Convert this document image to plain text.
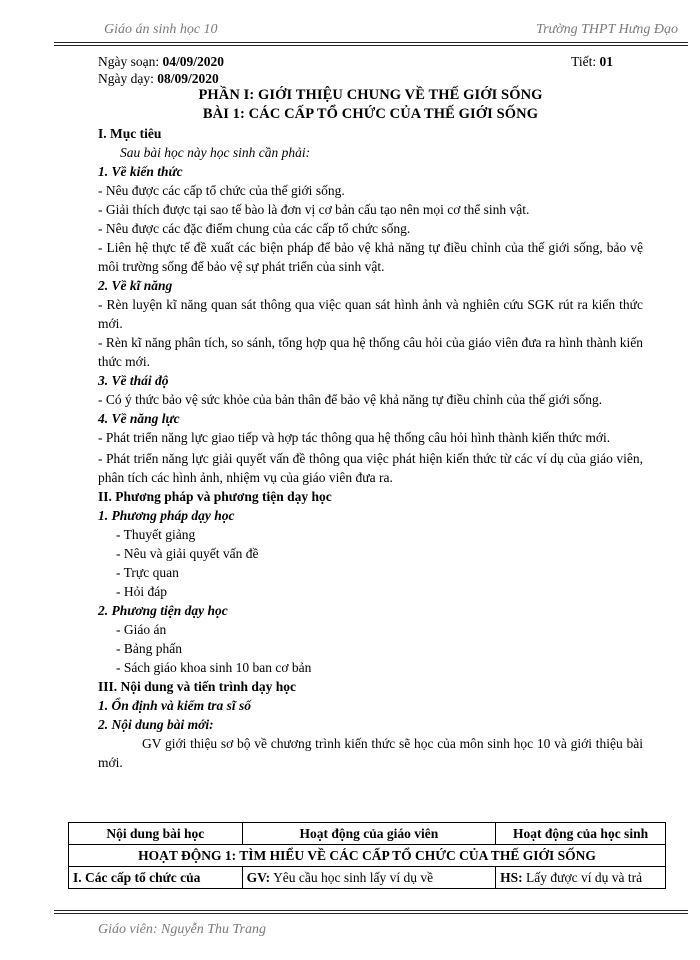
Giáo án sinh học 10	Trường THPT Hưng Đạo
Ngày soạn: 04/09/2020	Tiết: 01
Ngày dạy: 08/09/2020
PHẦN I: GIỚI THIỆU CHUNG VỀ THẾ GIỚI SỐNG
BÀI 1: CÁC CẤP TỔ CHỨC CỦA THẾ GIỚI SỐNG
I. Mục tiêu
Sau bài học này học sinh cần phải:
1. Về kiến thức
- Nêu được các cấp tổ chức của thế giới sống.
- Giải thích được tại sao tế bào là đơn vị cơ bản cấu tạo nên mọi cơ thể sinh vật.
- Nêu được các đặc điểm chung của các cấp tổ chức sống.
- Liên hệ thực tế đề xuất các biện pháp để bảo vệ khả năng tự điều chỉnh của thế giới sống, bảo vệ môi trường sống để bảo vệ sự phát triển của sinh vật.
2. Về kĩ năng
- Rèn luyện kĩ năng quan sát thông qua việc quan sát hình ảnh và nghiên cứu SGK rút ra kiến thức mới.
- Rèn kĩ năng phân tích, so sánh, tổng hợp qua hệ thống câu hỏi của giáo viên đưa ra hình thành kiến thức mới.
3. Về thái độ
- Có ý thức bảo vệ sức khỏe của bản thân để bảo vệ khả năng tự điều chỉnh của thế giới sống.
4. Về năng lực
- Phát triển năng lực giao tiếp và hợp tác thông qua hệ thống câu hỏi hình thành kiến thức mới.
- Phát triển năng lực giải quyết vấn đề thông qua việc phát hiện kiến thức từ các ví dụ của giáo viên, phân tích các hình ảnh, nhiệm vụ của giáo viên đưa ra.
II. Phương pháp và phương tiện dạy học
1. Phương pháp dạy học
- Thuyết giảng
- Nêu và giải quyết vấn đề
- Trực quan
- Hỏi đáp
2. Phương tiện dạy học
- Giáo án
- Bảng phấn
- Sách giáo khoa sinh 10 ban cơ bản
III. Nội dung và tiến trình dạy học
1. Ổn định và kiểm tra sĩ số
2. Nội dung bài mới:
GV giới thiệu sơ bộ về chương trình kiến thức sẽ học của môn sinh học 10 và giới thiệu bài mới.
Nội dung bài học	Hoạt động của giáo viên	Hoạt động của học sinh
HOẠT ĐỘNG 1: TÌM HIỂU VỀ CÁC CẤP TỔ CHỨC CỦA THẾ GIỚI SỐNG		
I. Các cấp tổ chức của	GV: Yêu cầu học sinh lấy ví dụ về	HS: Lấy được ví dụ và trả
Giáo viên: Nguyễn Thu Trang
